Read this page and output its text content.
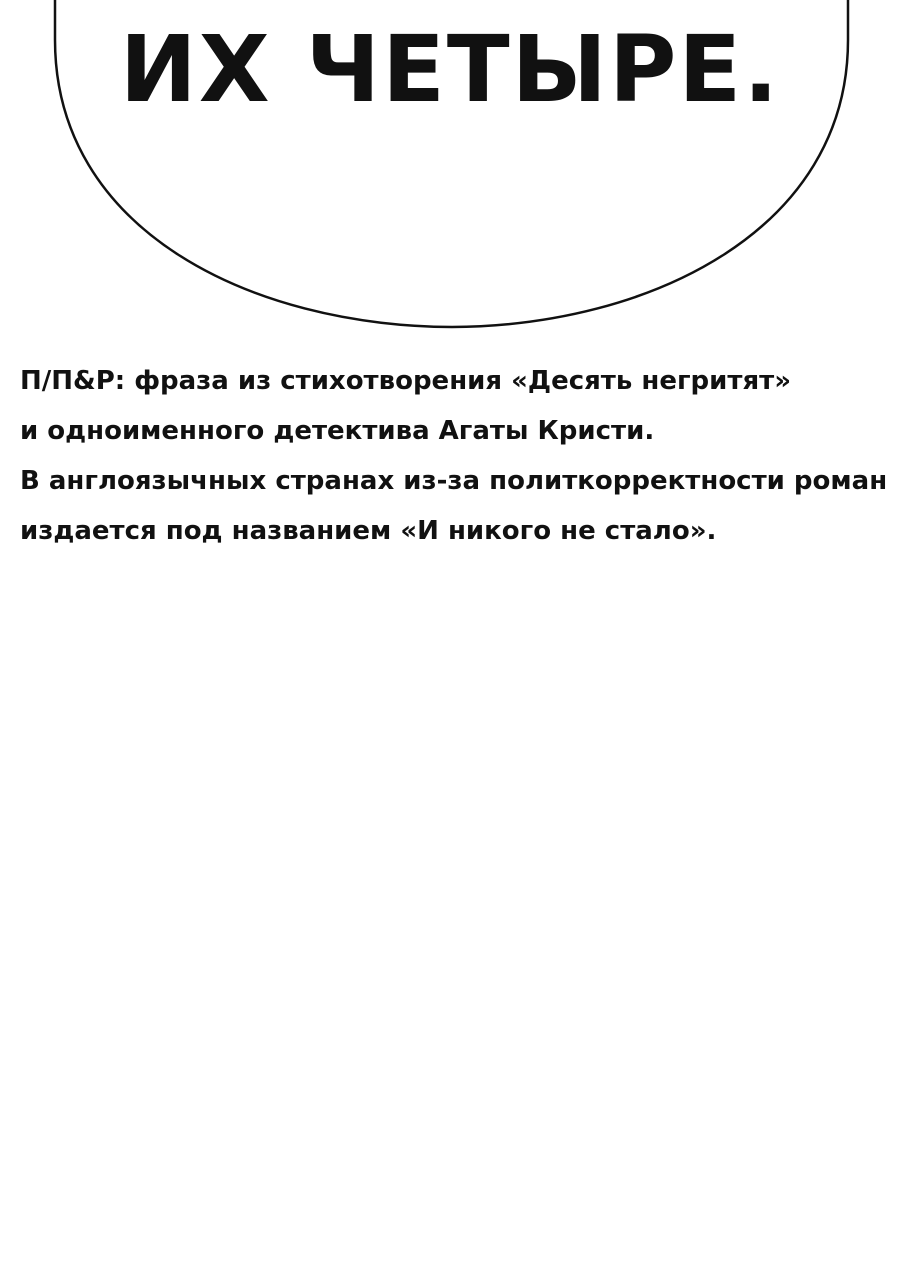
ИХ ЧЕТЫРЕ.
П/П&Р: фраза из стихотворения «Десять негритят»
и одноименного детектива Агаты Кристи.
В англоязычных странах из-за политкорректности роман
издается под названием «И никого не стало».
